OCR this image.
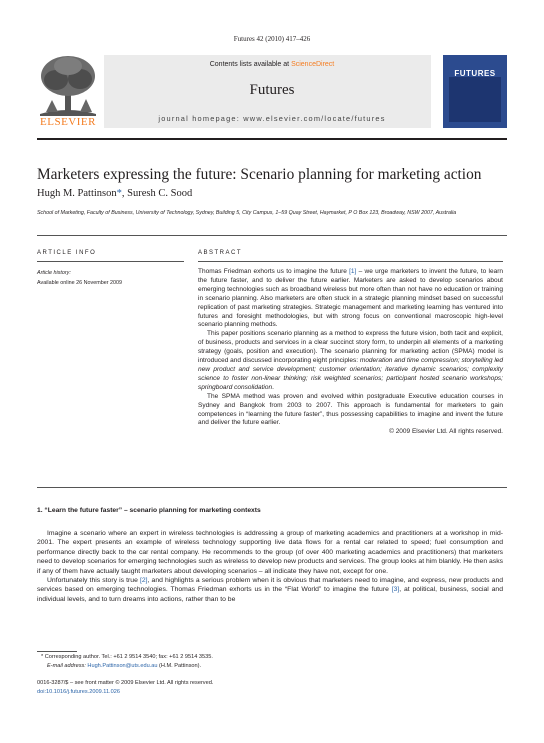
Futures 42 (2010) 417–426
Contents lists available at ScienceDirect
Futures
journal homepage: www.elsevier.com/locate/futures
ELSEVIER
FUTURES
Marketers expressing the future: Scenario planning for marketing action
Hugh M. Pattinson*, Suresh C. Sood
School of Marketing, Faculty of Business, University of Technology, Sydney, Building 5, City Campus, 1–59 Quay Street, Haymarket, P O Box 123, Broadway, NSW 2007, Australia
ARTICLE INFO	ABSTRACT
Article history:
Available online 26 November 2009

Thomas Friedman exhorts us to imagine the future [1] – we urge marketers to invent the future, to learn the future faster, and to deliver the future earlier. Marketers are asked to develop scenarios about emerging technologies such as broadband wireless but more often than not have no education or training in scenario planning. Also marketers are often stuck in a strategic planning mindset based on successful replication of past marketing strategies. Strategic management and marketing learning has ventured into futures and foresight methodologies, but with strong focus on conventional macroscopic high-level scenario planning methods.

This paper positions scenario planning as a method to express the future vision, both tacit and explicit, of business, products and services in a clear succinct story form, to underpin all elements of a marketing strategy (goals, position and execution). The scenario planning for marketing action (SPMA) model is introduced and discussed incorporating eight principles: moderation and time compression; storytelling led new product and service development; customer orientation; iterative dynamic scenarios; complexity science to foster non-linear thinking; risk weighted scenarios; participant hosted scenario workshops; springboard consolidation.

The SPMA method was proven and evolved within postgraduate Executive education courses in Sydney and Bangkok from 2003 to 2007. This approach is fundamental for marketers to gain competences in “learning the future faster”, thus possessing capabilities to imagine and invent the future and deliver the future earlier.

© 2009 Elsevier Ltd. All rights reserved.

1. “Learn the future faster” – scenario planning for marketing contexts

Imagine a scenario where an expert in wireless technologies is addressing a group of marketing academics and practitioners at a workshop in mid-2001. The expert presents an example of wireless technology supporting live data flows for a rental car related to speed; fuel consumption and performance directly back to the car rental company. He recommends to the group (of over 400 marketing academics and practitioners) that marketers need to develop scenarios for emerging technologies such as wireless to develop new products and services. The group looks at him blankly. He then asks if any of them have actually taught marketers about developing scenarios – all indicate they have not, except for one.

Unfortunately this story is true [2], and highlights a serious problem when it is obvious that marketers need to imagine, and express, new products and services based on emerging technologies. Thomas Friedman exhorts us in the “Flat World” to imagine the future [3], at political, business, social and individual levels, and to turn dreams into actions, rather than to be

* Corresponding author. Tel.: +61 2 9514 3540; fax: +61 2 9514 3535.
E-mail address: Hugh.Pattinson@uts.edu.au (H.M. Pattinson).
0016-3287/$ – see front matter © 2009 Elsevier Ltd. All rights reserved.
doi:10.1016/j.futures.2009.11.026
